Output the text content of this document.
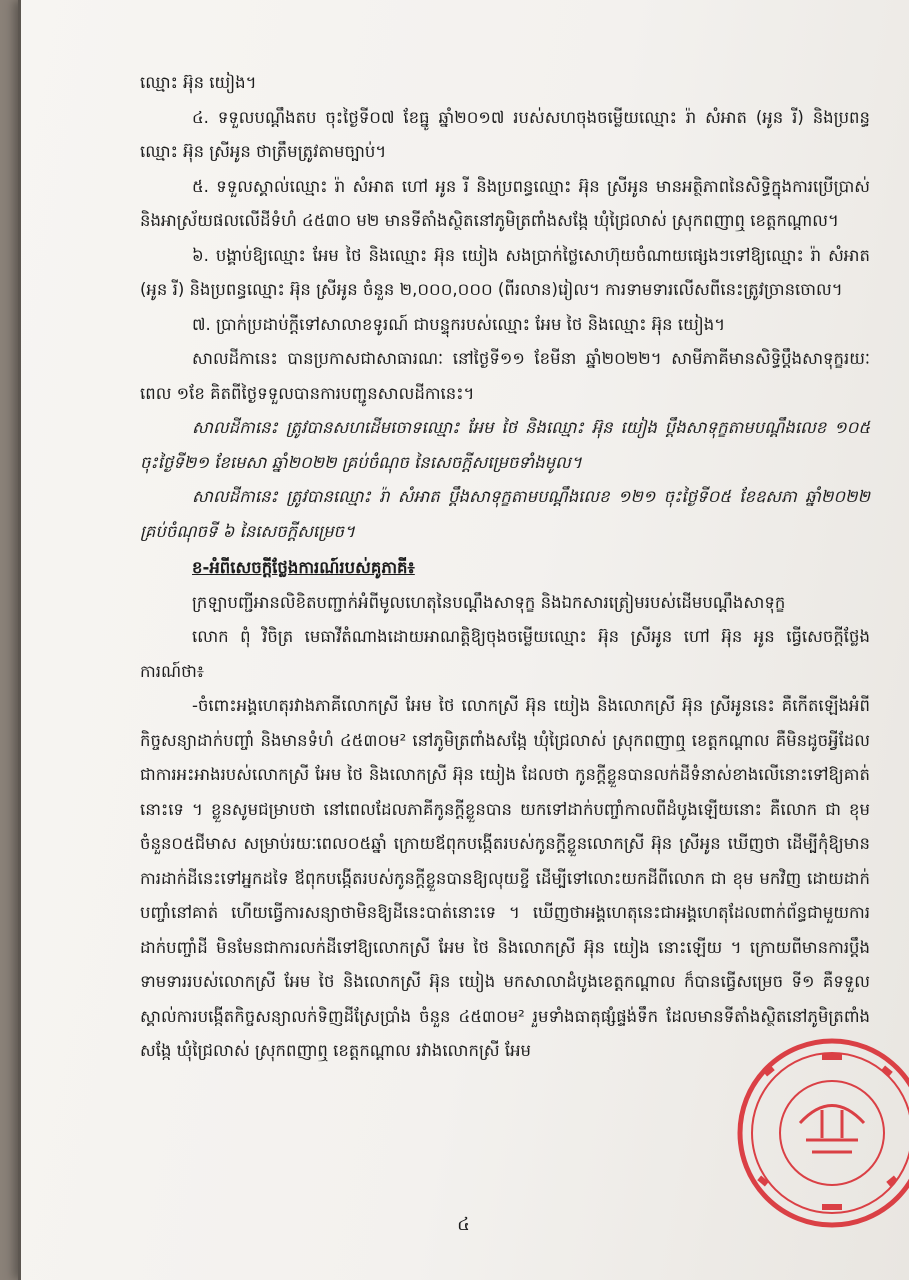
ឈ្មោះ អ៊ុន យៀង។

៤. ទទួលបណ្តឹងតប ចុះថ្ងៃទី០៧ ខែធ្នូ ឆ្នាំ២០១៧ របស់សហចុងចម្លើយឈ្មោះ រ៉ា សំអាត (អូន រី) និងប្រពន្ធឈ្មោះ អ៊ុន ស្រីអូន ថាត្រឹមត្រូវតាមច្បាប់។

៥. ទទួលស្គាល់ឈ្មោះ រ៉ា សំអាត ហៅ អូន រី និងប្រពន្ធឈ្មោះ អ៊ុន ស្រីអូន មានអត្ថិភាពនៃសិទ្ធិក្នុងការប្រើប្រាស់ និងអាស្រ័យផលលើដីទំហំ ៤៥៣០ ម២ មានទីតាំងស្ថិតនៅភូមិត្រពាំងសង្កែ ឃុំជ្រៃលាស់ ស្រុកពញាឮ ខេត្តកណ្តាល។

៦. បង្គាប់ឱ្យឈ្មោះ អែម ថៃ និងឈ្មោះ អ៊ុន យៀង សងប្រាក់ថ្លៃសោហ៊ុយចំណាយផ្សេងៗទៅឱ្យឈ្មោះ រ៉ា សំអាត (អូន រី) និងប្រពន្ធឈ្មោះ អ៊ុន ស្រីអូន ចំនួន ២,០០០,០០០ (ពីរលាន)រៀល។ ការទាមទារលើសពីនេះត្រូវច្រានចោល។

៧. ប្រាក់ប្រដាប់ក្តីទៅសាលាខទូរណ៍ ជាបន្ទុករបស់ឈ្មោះ អែម ថៃ និងឈ្មោះ អ៊ុន យៀង។

សាលដីកានេះ បានប្រកាសជាសាធារណៈ នៅថ្ងៃទី១១ ខែមីនា ឆ្នាំ២០២២។ សាមីភាគីមានសិទ្ធិប្តឹងសាទុក្ខរយៈពេល ១ខែ គិតពីថ្ងៃទទួលបានការបញ្ជូនសាលដីកានេះ។

សាលដីកានេះ ត្រូវបានសហដើមចោទឈ្មោះ អែម ថៃ និងឈ្មោះ អ៊ុន យៀង ប្តឹងសាទុក្ខតាមបណ្តឹងលេខ ១០៥ ចុះថ្ងៃទី២១ ខែមេសា ឆ្នាំ២០២២ គ្រប់ចំណុច នៃសេចក្តីសម្រេចទាំងមូល។

សាលដីកានេះ ត្រូវបានឈ្មោះ រ៉ា សំអាត ប្តឹងសាទុក្ខតាមបណ្តឹងលេខ ១២១ ចុះថ្ងៃទី០៥ ខែឧសភា ឆ្នាំ២០២២ គ្រប់ចំណុចទី ៦ នៃសេចក្តីសម្រេច។

ខ-អំពីសេចក្តីថ្លែងការណ៍របស់គូភាគី៖

ក្រឡាបញ្ជីអានលិខិតបញ្ជាក់អំពីមូលហេតុនៃបណ្តឹងសាទុក្ខ និងឯកសារត្រៀមរបស់ដើមបណ្តឹងសាទុក្ខ

លោក ពុំ វិចិត្រ មេធាវីតំណាងដោយអាណត្តិឱ្យចុងចម្លើយឈ្មោះ អ៊ុន ស្រីអូន ហៅ អ៊ុន អូន ធ្វើសេចក្តីថ្លែងការណ៍ថា៖

-ចំពោះអង្គហេតុរវាងភាគីលោកស្រី អែម ថៃ លោកស្រី អ៊ុន យៀង និងលោកស្រី អ៊ុន ស្រីអូននេះ គឺកើតឡើងអំពីកិច្ចសន្យាដាក់បញ្ចាំ និងមានទំហំ ៤៥៣០ម² នៅភូមិត្រពាំងសង្កែ ឃុំជ្រៃលាស់ ស្រុកពញាឮ ខេត្តកណ្តាល គឺមិនដូចអ្វីដែលជាការអះអាងរបស់លោកស្រី អែម ថៃ និងលោកស្រី អ៊ុន យៀង ដែលថា កូនក្តីខ្លួនបានលក់ដីទំនាស់ខាងលើនោះទៅឱ្យគាត់នោះទេ ។ ខ្លួនសូមជម្រាបថា នៅពេលដែលភាគីកូនក្តីខ្លួនបាន យកទៅដាក់បញ្ចាំកាលពីដំបូងឡើយនោះ គឺលោក ជា ខុម ចំនួន០៥ជីមាស សម្រាប់រយៈពេល០៥ឆ្នាំ ក្រោយឪពុកបង្កើតរបស់កូនក្តីខ្លួនលោកស្រី អ៊ុន ស្រីអូន ឃើញថា ដើម្បីកុំឱ្យមានការដាក់ដីនេះទៅអ្នកដទៃ ឪពុកបង្កើតរបស់កូនក្តីខ្លួនបានឱ្យលុយខ្ចី ដើម្បីទៅលោះយកដីពីលោក ជា ខុម មកវិញ ដោយដាក់បញ្ចាំនៅគាត់ ហើយធ្វើការសន្យាថាមិនឱ្យដីនេះបាត់នោះទេ ។ ឃើញថាអង្គហេតុនេះជាអង្គហេតុដែលពាក់ព័ន្ធជាមួយការដាក់បញ្ចាំដី មិនមែនជាការលក់ដីទៅឱ្យលោកស្រី អែម ថៃ និងលោកស្រី អ៊ុន យៀង នោះឡើយ ។ ក្រោយពីមានការប្តឹងទាមទាររបស់លោកស្រី អែម ថៃ និងលោកស្រី អ៊ុន យៀង មកសាលាដំបូងខេត្តកណ្តាល ក៏បានធ្វើសម្រេច ទី១ គឺទទួលស្គាល់ការបង្កើតកិច្ចសន្យាលក់ទិញដីស្រែប្រាំង ចំនួន ៤៥៣០ម² រួមទាំងធាតុផ្សំផ្ទង់ទឹក ដែលមានទីតាំងស្ថិតនៅភូមិត្រពាំងសង្កែ ឃុំជ្រៃលាស់ ស្រុកពញាឮ ខេត្តកណ្តាល រវាងលោកស្រី អែម

៤
